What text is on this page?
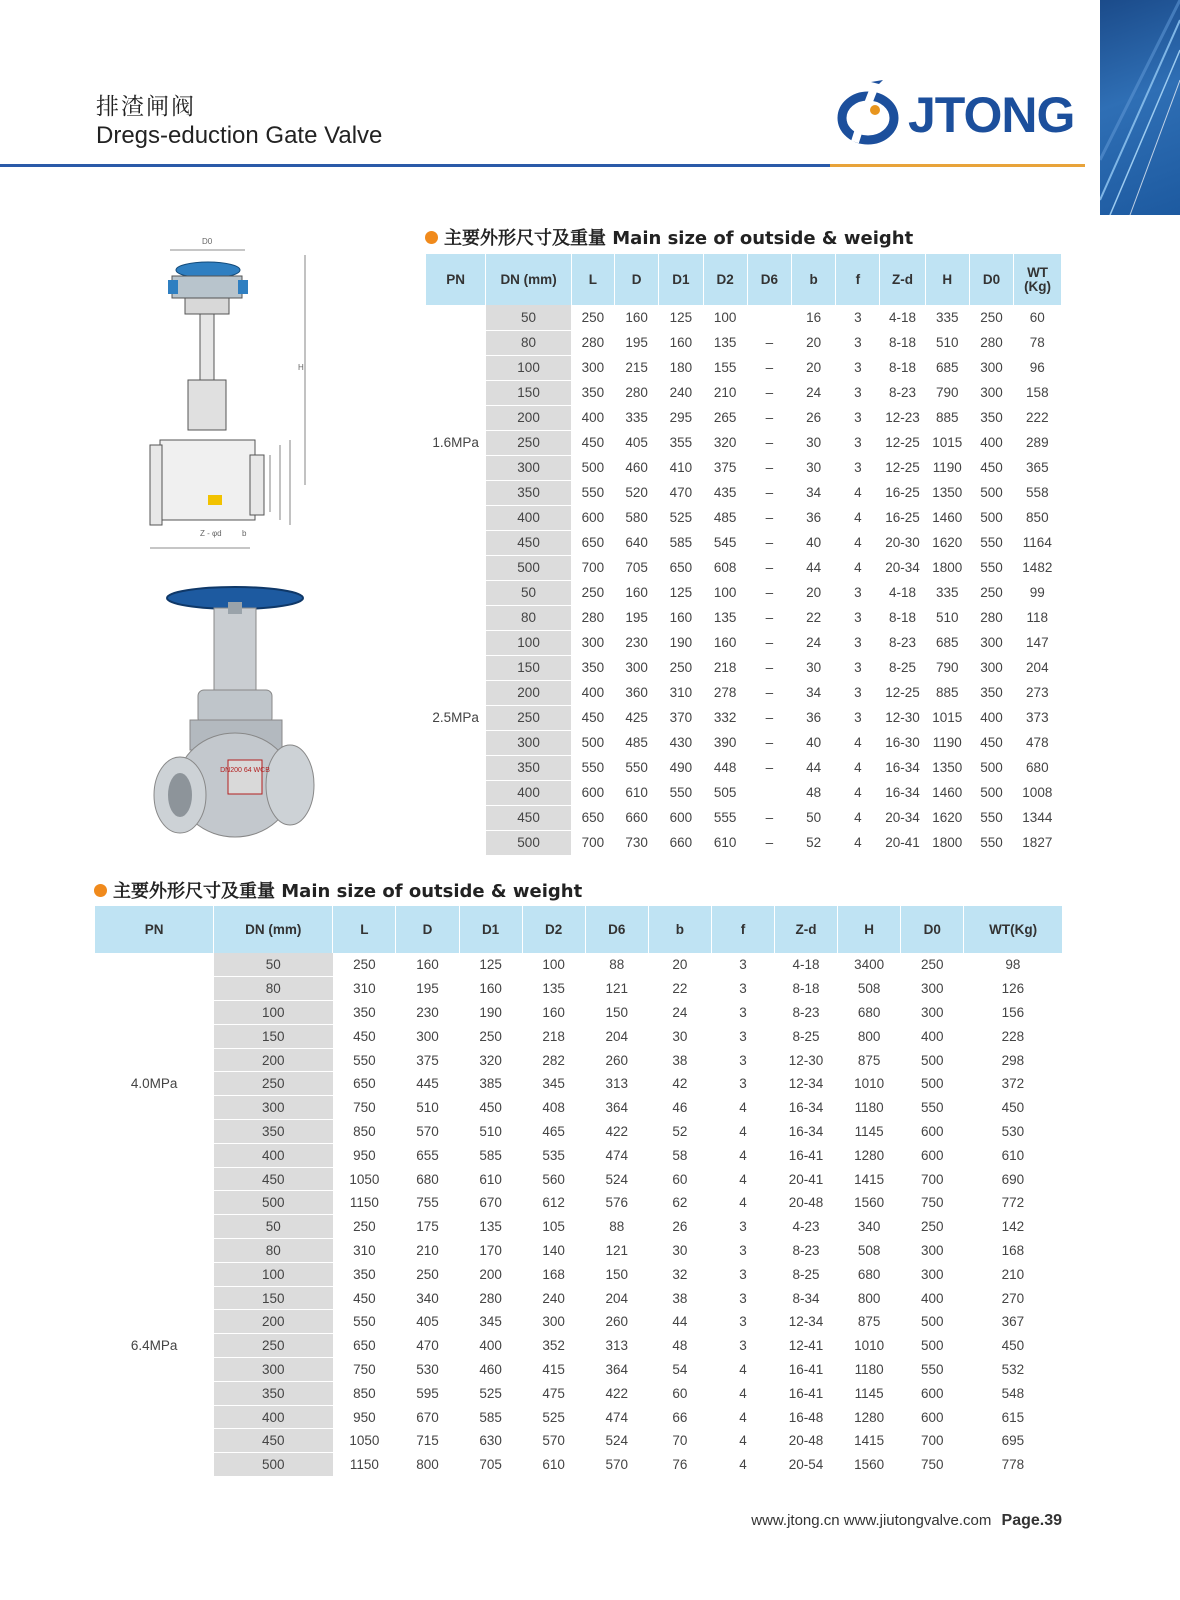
排渣闸阀
Dregs-eduction Gate Valve	JTONG
主要外形尺寸及重量 Main size of outside & weight
D0
H
Z - φd	b
DN200 64 WCB
PN	DN (mm)	L	D	D1	D2	D6	b	f	Z-d	H	D0	WT (Kg)
1.6MPa	50	250	160	125	100		16	3	4-18	335	250	60
	80	280	195	160	135	–	20	3	8-18	510	280	78
	100	300	215	180	155	–	20	3	8-18	685	300	96
	150	350	280	240	210	–	24	3	8-23	790	300	158
	200	400	335	295	265	–	26	3	12-23	885	350	222
	250	450	405	355	320	–	30	3	12-25	1015	400	289
	300	500	460	410	375	–	30	3	12-25	1190	450	365
	350	550	520	470	435	–	34	4	16-25	1350	500	558
	400	600	580	525	485	–	36	4	16-25	1460	500	850
	450	650	640	585	545	–	40	4	20-30	1620	550	1164
	500	700	705	650	608	–	44	4	20-34	1800	550	1482
2.5MPa	50	250	160	125	100	–	20	3	4-18	335	250	99
	80	280	195	160	135	–	22	3	8-18	510	280	118
	100	300	230	190	160	–	24	3	8-23	685	300	147
	150	350	300	250	218	–	30	3	8-25	790	300	204
	200	400	360	310	278	–	34	3	12-25	885	350	273
	250	450	425	370	332	–	36	3	12-30	1015	400	373
	300	500	485	430	390	–	40	4	16-30	1190	450	478
	350	550	550	490	448	–	44	4	16-34	1350	500	680
	400	600	610	550	505		48	4	16-34	1460	500	1008
	450	650	660	600	555	–	50	4	20-34	1620	550	1344
	500	700	730	660	610	–	52	4	20-41	1800	550	1827
主要外形尺寸及重量 Main size of outside & weight
PN	DN (mm)	L	D	D1	D2	D6	b	f	Z-d	H	D0	WT(Kg)
4.0MPa	50	250	160	125	100	88	20	3	4-18	3400	250	98
	80	310	195	160	135	121	22	3	8-18	508	300	126
	100	350	230	190	160	150	24	3	8-23	680	300	156
	150	450	300	250	218	204	30	3	8-25	800	400	228
	200	550	375	320	282	260	38	3	12-30	875	500	298
	250	650	445	385	345	313	42	3	12-34	1010	500	372
	300	750	510	450	408	364	46	4	16-34	1180	550	450
	350	850	570	510	465	422	52	4	16-34	1145	600	530
	400	950	655	585	535	474	58	4	16-41	1280	600	610
	450	1050	680	610	560	524	60	4	20-41	1415	700	690
	500	1150	755	670	612	576	62	4	20-48	1560	750	772
6.4MPa	50	250	175	135	105	88	26	3	4-23	340	250	142
	80	310	210	170	140	121	30	3	8-23	508	300	168
	100	350	250	200	168	150	32	3	8-25	680	300	210
	150	450	340	280	240	204	38	3	8-34	800	400	270
	200	550	405	345	300	260	44	3	12-34	875	500	367
	250	650	470	400	352	313	48	3	12-41	1010	500	450
	300	750	530	460	415	364	54	4	16-41	1180	550	532
	350	850	595	525	475	422	60	4	16-41	1145	600	548
	400	950	670	585	525	474	66	4	16-48	1280	600	615
	450	1050	715	630	570	524	70	4	20-48	1415	700	695
	500	1150	800	705	610	570	76	4	20-54	1560	750	778
www.jtong.cn www.jiutongvalve.com Page.39
